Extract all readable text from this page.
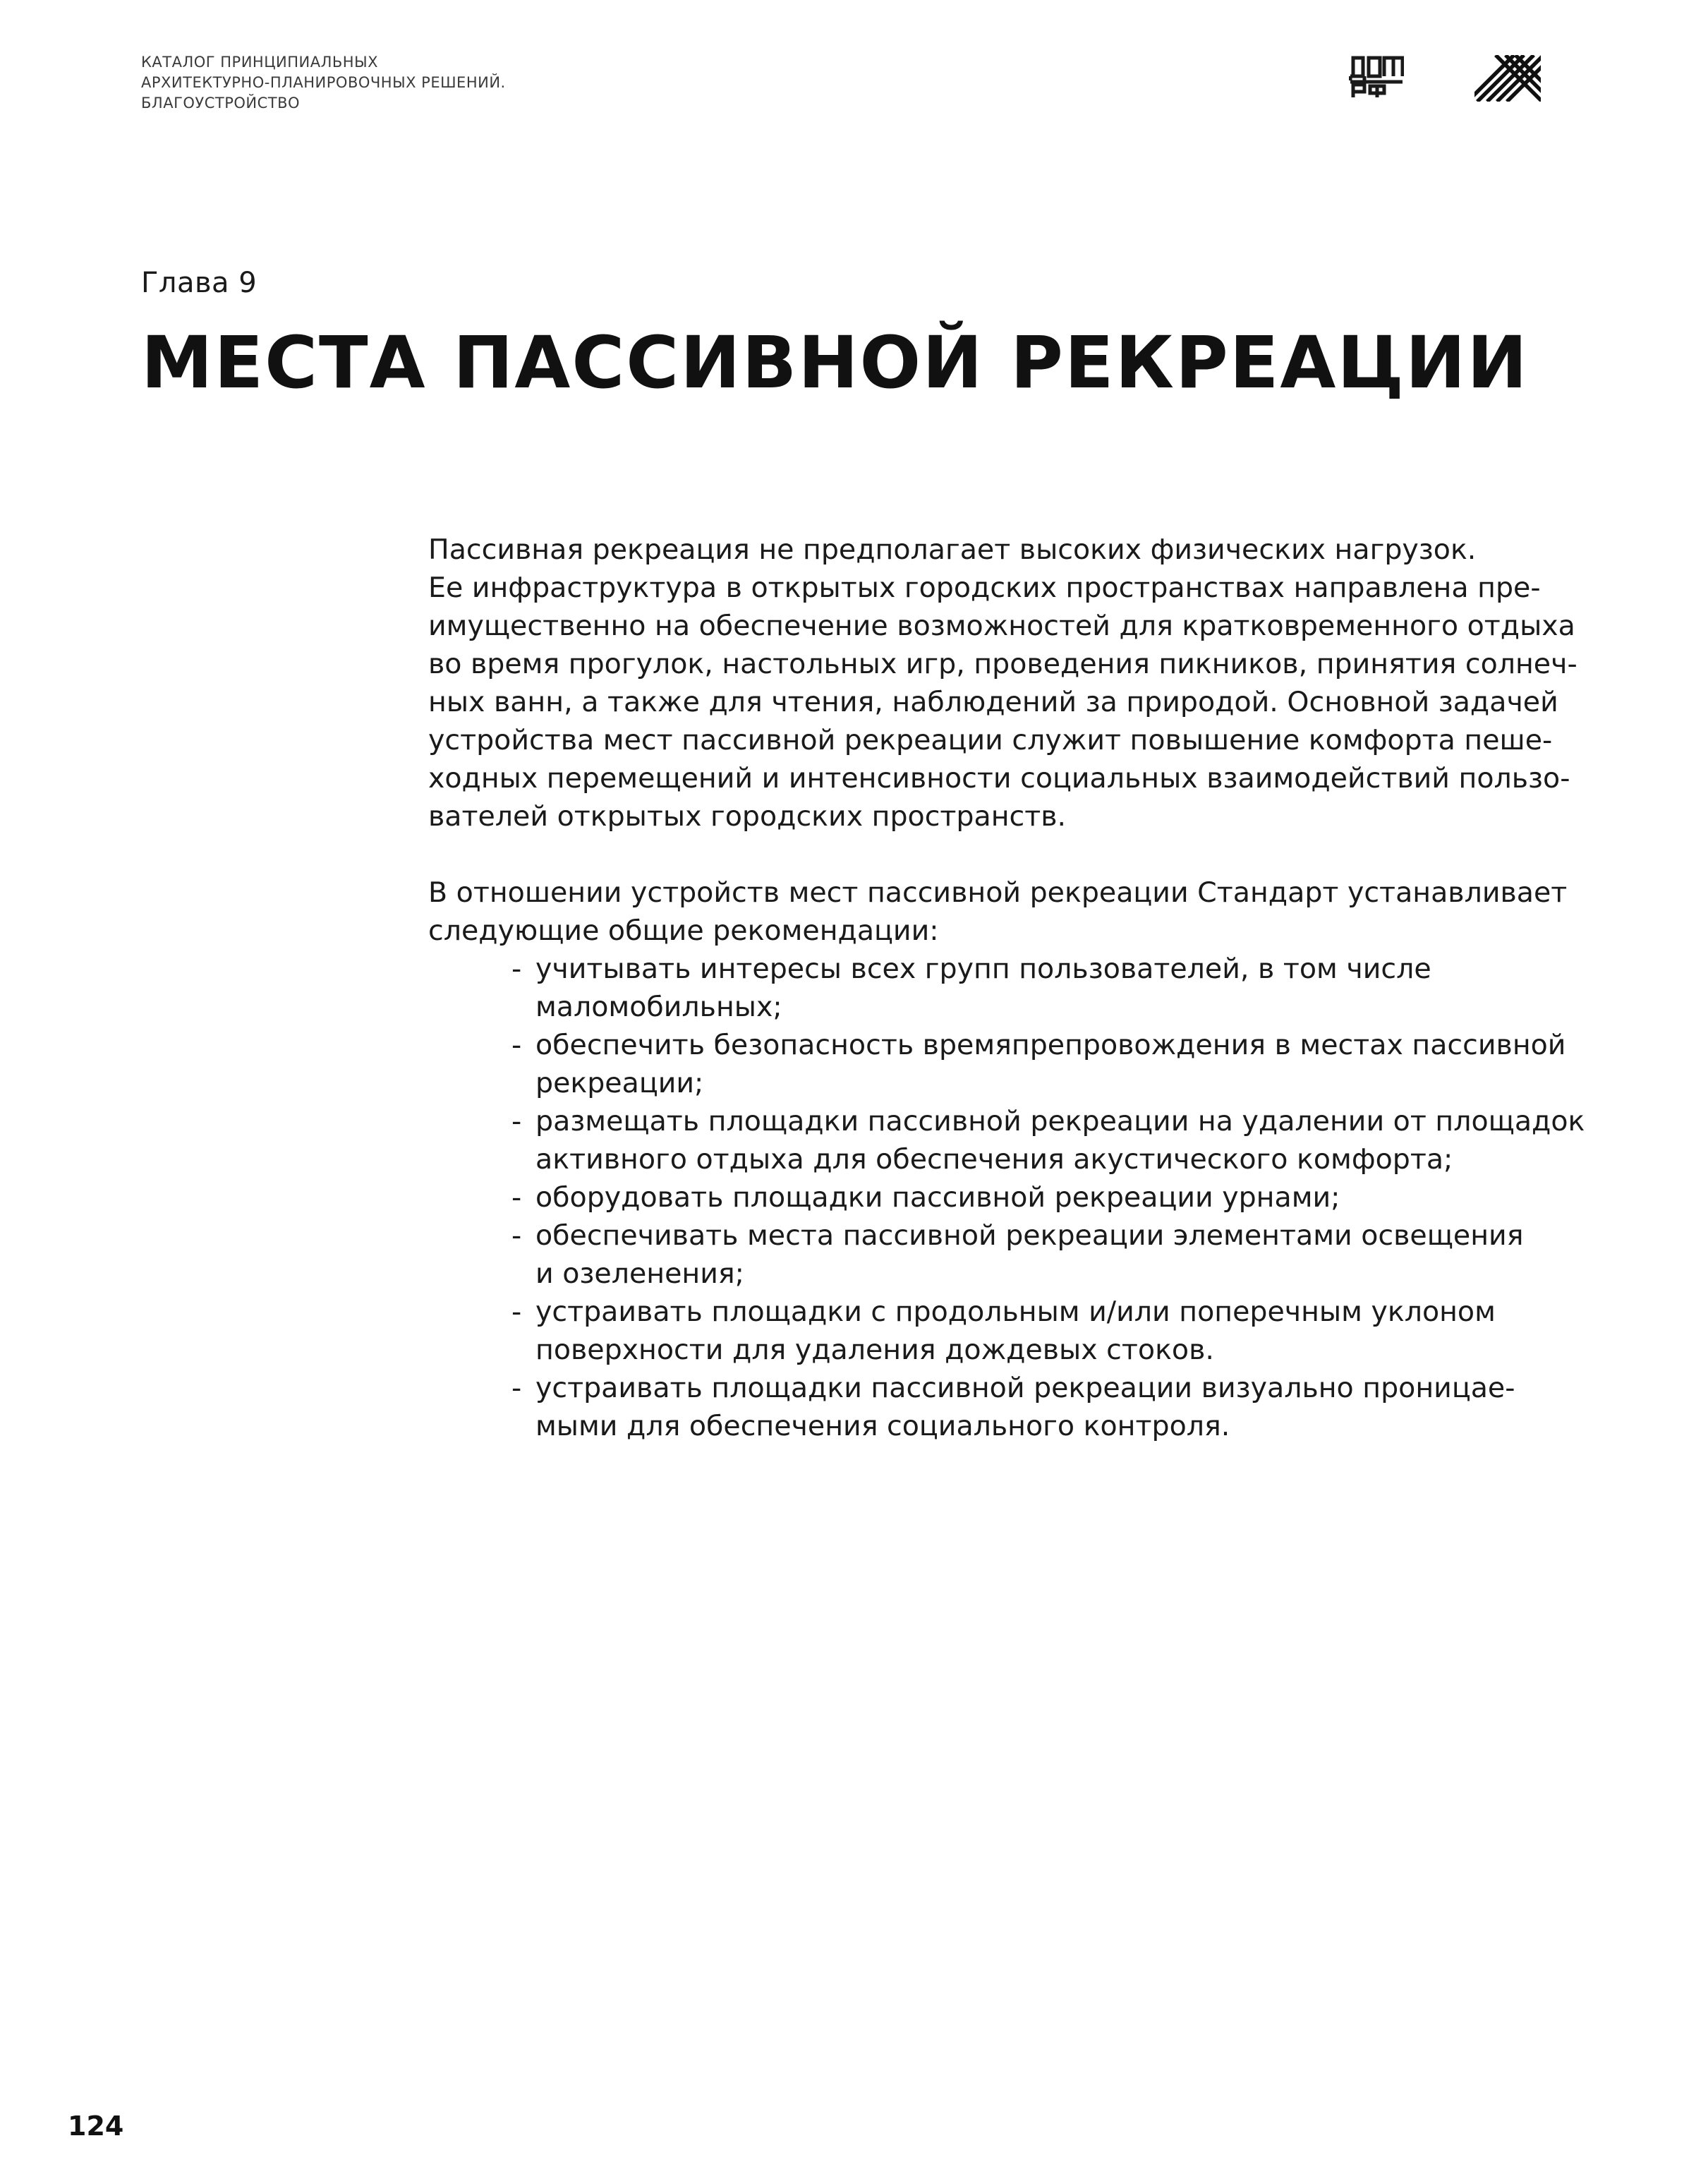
КАТАЛОГ ПРИНЦИПИАЛЬНЫХ
АРХИТЕКТУРНО-ПЛАНИРОВОЧНЫХ РЕШЕНИЙ.
БЛАГОУСТРОЙСТВО
Глава 9
МЕСТА ПАССИВНОЙ РЕКРЕАЦИИ
Пассивная рекреация не предполагает высоких физических нагрузок.
Ее инфраструктура в открытых городских пространствах направлена пре-
имущественно на обеспечение возможностей для кратковременного отдыха
во время прогулок, настольных игр, проведения пикников, принятия солнеч-
ных ванн, а также для чтения, наблюдений за природой. Основной задачей
устройства мест пассивной рекреации служит повышение комфорта пеше-
ходных перемещений и интенсивности социальных взаимодействий пользо-
вателей открытых городских пространств.
В отношении устройств мест пассивной рекреации Стандарт устанавливает
следующие общие рекомендации:
- учитывать интересы всех групп пользователей, в том числе
маломобильных;
- обеспечить безопасность времяпрепровождения в местах пассивной
рекреации;
- размещать площадки пассивной рекреации на удалении от площадок
активного отдыха для обеспечения акустического комфорта;
- оборудовать площадки пассивной рекреации урнами;
- обеспечивать места пассивной рекреации элементами освещения
и озеленения;
- устраивать площадки с продольным и/или поперечным уклоном
поверхности для удаления дождевых стоков.
- устраивать площадки пассивной рекреации визуально проницае-
мыми для обеспечения социального контроля.
124
